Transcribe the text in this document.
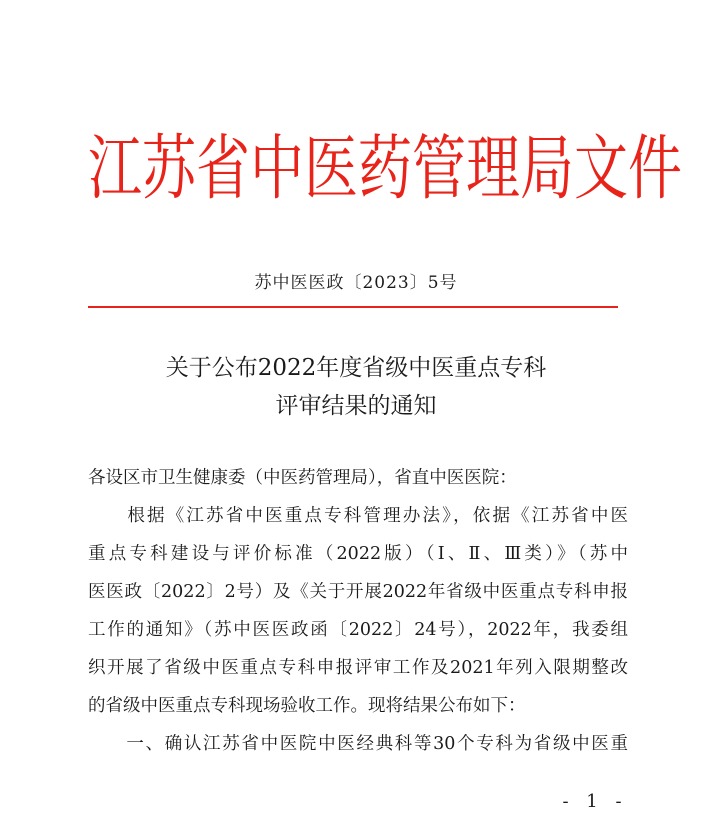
江 苏 省 中 医 药 管 理 局 文 件
苏中医医政〔2023〕5号
关于公布2022年度省级中医重点专科
评审结果的通知
各设区市卫生健康委（中医药管理局），省直中医医院：
　　根据《江苏省中医重点专科管理办法》，依据《江苏省中医
重点专科建设与评价标准（2022版）（Ⅰ、Ⅱ、Ⅲ类）》（苏中
医医政〔2022〕2号）及《关于开展2022年省级中医重点专科申报
工作的通知》（苏中医医政函〔2022〕24号），2022年，我委组
织开展了省级中医重点专科申报评审工作及2021年列入限期整改
的省级中医重点专科现场验收工作。现将结果公布如下：
　　一、确认江苏省中医院中医经典科等30个专科为省级中医重
- 1 -
